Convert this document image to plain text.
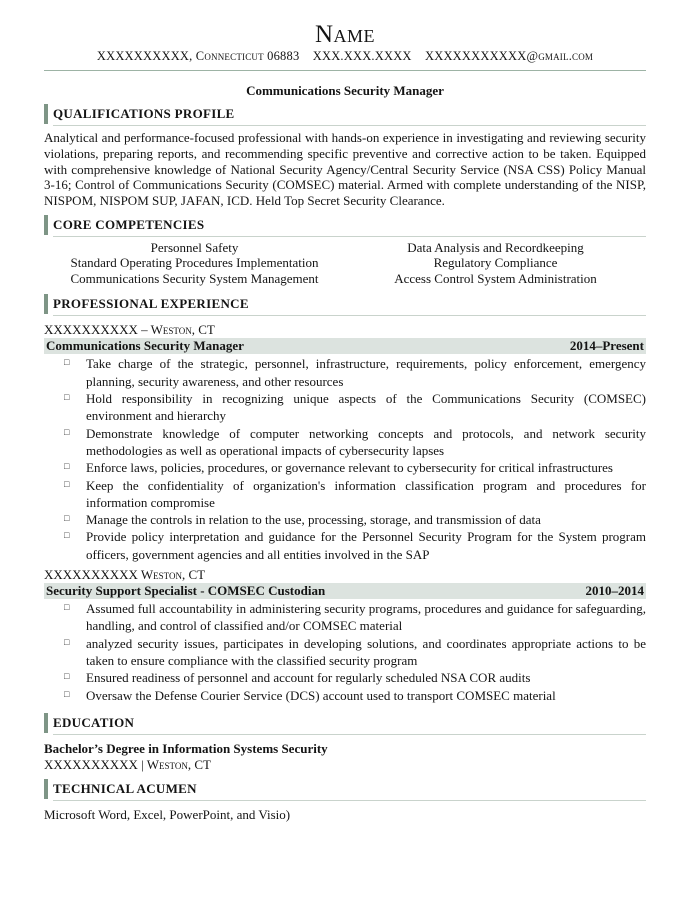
Name
XXXXXXXXXX, Connecticut 06883 XXX.XXX.XXXX XXXXXXXXXXX@gmail.com
Communications Security Manager
QUALIFICATIONS PROFILE
Analytical and performance-focused professional with hands-on experience in investigating and reviewing security violations, preparing reports, and recommending specific preventive and corrective action to be taken. Equipped with comprehensive knowledge of National Security Agency/Central Security Service (NSA CSS) Policy Manual 3-16; Control of Communications Security (COMSEC) material. Armed with complete understanding of the NISP, NISPOM, NISPOM SUP, JAFAN, ICD. Held Top Secret Security Clearance.
CORE COMPETENCIES
Personnel Safety
Standard Operating Procedures Implementation
Communications Security System Management
Data Analysis and Recordkeeping
Regulatory Compliance
Access Control System Administration
PROFESSIONAL EXPERIENCE
XXXXXXXXXX – Weston, CT
Communications Security Manager	2014–Present
□ Take charge of the strategic, personnel, infrastructure, requirements, policy enforcement, emergency planning, security awareness, and other resources
□ Hold responsibility in recognizing unique aspects of the Communications Security (COMSEC) environment and hierarchy
□ Demonstrate knowledge of computer networking concepts and protocols, and network security methodologies as well as operational impacts of cybersecurity lapses
□ Enforce laws, policies, procedures, or governance relevant to cybersecurity for critical infrastructures
□ Keep the confidentiality of organization's information classification program and procedures for information compromise
□ Manage the controls in relation to the use, processing, storage, and transmission of data
□ Provide policy interpretation and guidance for the Personnel Security Program for the System program officers, government agencies and all entities involved in the SAP
XXXXXXXXXX Weston, CT
Security Support Specialist - COMSEC Custodian	2010–2014
□ Assumed full accountability in administering security programs, procedures and guidance for safeguarding, handling, and control of classified and/or COMSEC material
□ analyzed security issues, participates in developing solutions, and coordinates appropriate actions to be taken to ensure compliance with the classified security program
□ Ensured readiness of personnel and account for regularly scheduled NSA COR audits
□ Oversaw the Defense Courier Service (DCS) account used to transport COMSEC material
EDUCATION
Bachelor’s Degree in Information Systems Security
XXXXXXXXXX | Weston, CT
TECHNICAL ACUMEN
Microsoft Word, Excel, PowerPoint, and Visio)
